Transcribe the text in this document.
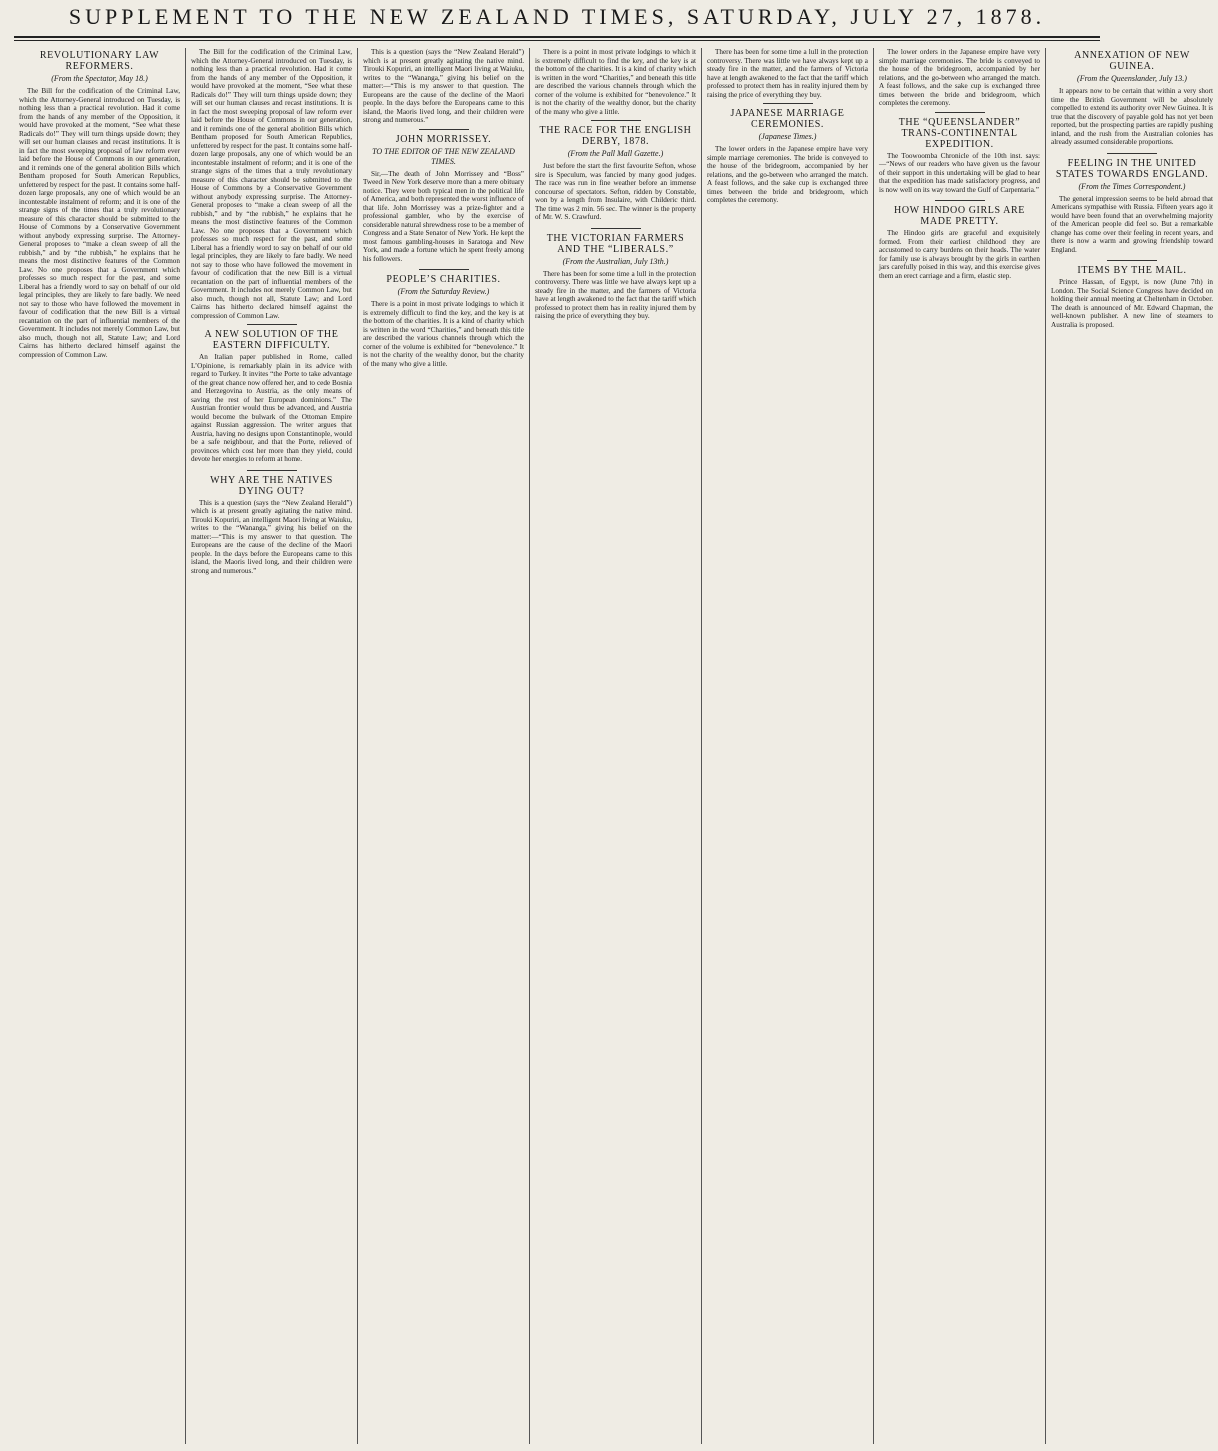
SUPPLEMENT TO THE NEW ZEALAND TIMES, SATURDAY, JULY 27, 1878.
REVOLUTIONARY LAW REFORMERS.
(From the Spectator, May 18.)

The Bill for the codification of the Criminal Law, which the Attorney-General introduced on Tuesday, is nothing less than a practical revolution. Had it come from the hands of any member of the Opposition, it would have provoked at the moment, “See what these Radicals do!” They will turn things upside down; they will set our human clauses and recast institutions. It is in fact the most sweeping proposal of law reform ever laid before the House of Commons in our generation, and it reminds one of the general abolition Bills which Bentham proposed for South American Republics, unfettered by respect for the past. It contains some half-dozen large proposals, any one of which would be an incontestable instalment of reform; and it is one of the strange signs of the times that a truly revolutionary measure of this character should be submitted to the House of Commons by a Conservative Government without anybody expressing surprise. The Attorney-General proposes to “make a clean sweep of all the rubbish,” and by “the rubbish,” he explains that he means the most distinctive features of the Common Law. No one proposes that a Government which professes so much respect for the past, and some Liberal has a friendly word to say on behalf of our old legal principles, they are likely to fare badly. We need not say to those who have followed the movement in favour of codification that the new Bill is a virtual recantation on the part of influential members of the Government. It includes not merely Common Law, but also much, though not all, Statute Law; and Lord Cairns has hitherto declared himself against the compression of Common Law.

The Bill for the codification of the Criminal Law, which the Attorney-General introduced on Tuesday, is nothing less than a practical revolution. Had it come from the hands of any member of the Opposition, it would have provoked at the moment, “See what these Radicals do!” They will turn things upside down; they will set our human clauses and recast institutions. It is in fact the most sweeping proposal of law reform ever laid before the House of Commons in our generation, and it reminds one of the general abolition Bills which Bentham proposed for South American Republics, unfettered by respect for the past. It contains some half-dozen large proposals, any one of which would be an incontestable instalment of reform; and it is one of the strange signs of the times that a truly revolutionary measure of this character should be submitted to the House of Commons by a Conservative Government without anybody expressing surprise. The Attorney-General proposes to “make a clean sweep of all the rubbish,” and by “the rubbish,” he explains that he means the most distinctive features of the Common Law. No one proposes that a Government which professes so much respect for the past, and some Liberal has a friendly word to say on behalf of our old legal principles, they are likely to fare badly. We need not say to those who have followed the movement in favour of codification that the new Bill is a virtual recantation on the part of influential members of the Government. It includes not merely Common Law, but also much, though not all, Statute Law; and Lord Cairns has hitherto declared himself against the compression of Common Law.

A NEW SOLUTION OF THE EASTERN DIFFICULTY.

An Italian paper published in Rome, called L’Opinione, is remarkably plain in its advice with regard to Turkey. It invites “the Porte to take advantage of the great chance now offered her, and to cede Bosnia and Herzegovina to Austria, as the only means of saving the rest of her European dominions.” The Austrian frontier would thus be advanced, and Austria would become the bulwark of the Ottoman Empire against Russian aggression. The writer argues that Austria, having no designs upon Constantinople, would be a safe neighbour, and that the Porte, relieved of provinces which cost her more than they yield, could devote her energies to reform at home.

WHY ARE THE NATIVES DYING OUT?

This is a question (says the “New Zealand Herald”) which is at present greatly agitating the native mind. Tirouki Kopuriri, an intelligent Maori living at Waiuku, writes to the “Wananga,” giving his belief on the matter:—“This is my answer to that question. The Europeans are the cause of the decline of the Maori people. In the days before the Europeans came to this island, the Maoris lived long, and their children were strong and numerous.”

This is a question (says the “New Zealand Herald”) which is at present greatly agitating the native mind. Tirouki Kopuriri, an intelligent Maori living at Waiuku, writes to the “Wananga,” giving his belief on the matter:—“This is my answer to that question. The Europeans are the cause of the decline of the Maori people. In the days before the Europeans came to this island, the Maoris lived long, and their children were strong and numerous.”

JOHN MORRISSEY.
TO THE EDITOR OF THE NEW ZEALAND TIMES.

Sir,—The death of John Morrissey and “Boss” Tweed in New York deserve more than a mere obituary notice. They were both typical men in the political life of America, and both represented the worst influence of that life. John Morrissey was a prize-fighter and a professional gambler, who by the exercise of considerable natural shrewdness rose to be a member of Congress and a State Senator of New York. He kept the most famous gambling-houses in Saratoga and New York, and made a fortune which he spent freely among his followers.

PEOPLE’S CHARITIES.
(From the Saturday Review.)

There is a point in most private lodgings to which it is extremely difficult to find the key, and the key is at the bottom of the charities. It is a kind of charity which is written in the word “Charities,” and beneath this title are described the various channels through which the corner of the volume is exhibited for “benevolence.” It is not the charity of the wealthy donor, but the charity of the many who give a little.

There is a point in most private lodgings to which it is extremely difficult to find the key, and the key is at the bottom of the charities. It is a kind of charity which is written in the word “Charities,” and beneath this title are described the various channels through which the corner of the volume is exhibited for “benevolence.” It is not the charity of the wealthy donor, but the charity of the many who give a little.

THE RACE FOR THE ENGLISH DERBY, 1878.
(From the Pall Mall Gazette.)

Just before the start the first favourite Sefton, whose sire is Speculum, was fancied by many good judges. The race was run in fine weather before an immense concourse of spectators. Sefton, ridden by Constable, won by a length from Insulaire, with Childeric third. The time was 2 min. 56 sec. The winner is the property of Mr. W. S. Crawfurd.

THE VICTORIAN FARMERS AND THE “LIBERALS.”
(From the Australian, July 13th.)

There has been for some time a lull in the protection controversy. There was little we have always kept up a steady fire in the matter, and the farmers of Victoria have at length awakened to the fact that the tariff which professed to protect them has in reality injured them by raising the price of everything they buy.

There has been for some time a lull in the protection controversy. There was little we have always kept up a steady fire in the matter, and the farmers of Victoria have at length awakened to the fact that the tariff which professed to protect them has in reality injured them by raising the price of everything they buy.

JAPANESE MARRIAGE CEREMONIES.
(Japanese Times.)

The lower orders in the Japanese empire have very simple marriage ceremonies. The bride is conveyed to the house of the bridegroom, accompanied by her relations, and the go-between who arranged the match. A feast follows, and the sake cup is exchanged three times between the bride and bridegroom, which completes the ceremony.

The lower orders in the Japanese empire have very simple marriage ceremonies. The bride is conveyed to the house of the bridegroom, accompanied by her relations, and the go-between who arranged the match. A feast follows, and the sake cup is exchanged three times between the bride and bridegroom, which completes the ceremony.

THE “QUEENSLANDER” TRANS-CONTINENTAL EXPEDITION.

The Toowoomba Chronicle of the 10th inst. says:—“News of our readers who have given us the favour of their support in this undertaking will be glad to hear that the expedition has made satisfactory progress, and is now well on its way toward the Gulf of Carpentaria.”

HOW HINDOO GIRLS ARE MADE PRETTY.

The Hindoo girls are graceful and exquisitely formed. From their earliest childhood they are accustomed to carry burdens on their heads. The water for family use is always brought by the girls in earthen jars carefully poised in this way, and this exercise gives them an erect carriage and a firm, elastic step.

ANNEXATION OF NEW GUINEA.
(From the Queenslander, July 13.)

It appears now to be certain that within a very short time the British Government will be absolutely compelled to extend its authority over New Guinea. It is true that the discovery of payable gold has not yet been reported, but the prospecting parties are rapidly pushing inland, and the rush from the Australian colonies has already assumed considerable proportions.

FEELING IN THE UNITED STATES TOWARDS ENGLAND.
(From the Times Correspondent.)

The general impression seems to be held abroad that Americans sympathise with Russia. Fifteen years ago it would have been found that an overwhelming majority of the American people did feel so. But a remarkable change has come over their feeling in recent years, and there is now a warm and growing friendship toward England.

ITEMS BY THE MAIL.

Prince Hassan, of Egypt, is now (June 7th) in London. The Social Science Congress have decided on holding their annual meeting at Cheltenham in October. The death is announced of Mr. Edward Chapman, the well-known publisher. A new line of steamers to Australia is proposed.
